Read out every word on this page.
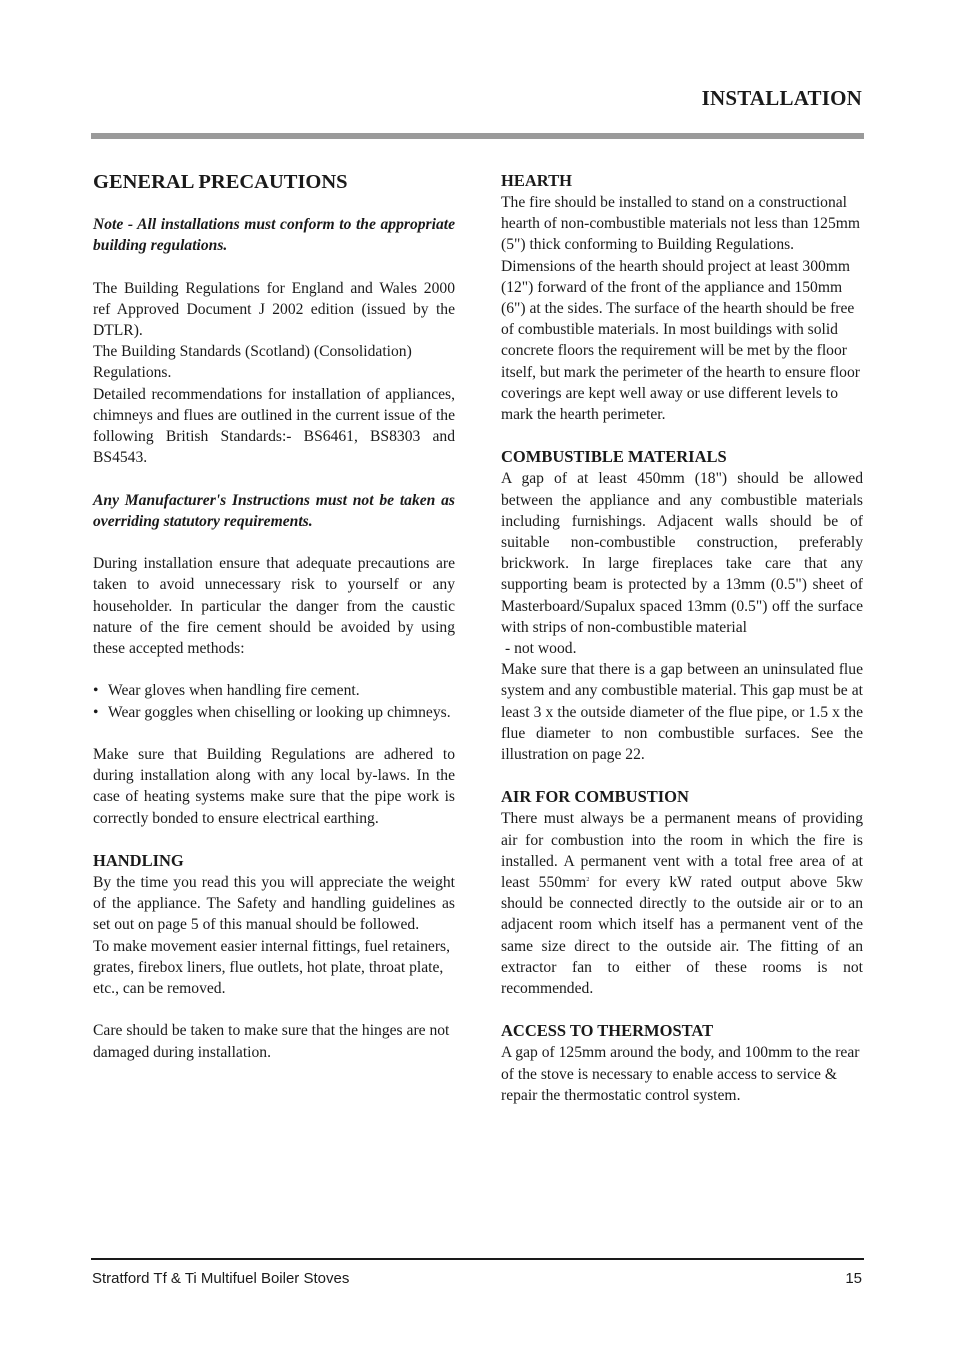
INSTALLATION
GENERAL PRECAUTIONS

Note - All installations must conform to the appropriate building regulations.

The Building Regulations for England and Wales 2000 ref Approved Document J 2002 edition (issued by the DTLR).

The Building Standards (Scotland) (Consolidation) Regulations.

Detailed recommendations for installation of appliances, chimneys and flues are outlined in the current issue of the following British Standards:- BS6461, BS8303 and BS4543.

Any Manufacturer's Instructions must not be taken as overriding statutory requirements.

During installation ensure that adequate precautions are taken to avoid unnecessary risk to yourself or any householder. In particular the danger from the caustic nature of the fire cement should be avoided by using these accepted methods:

• Wear gloves when handling fire cement.
• Wear goggles when chiselling or looking up chimneys.

Make sure that Building Regulations are adhered to during installation along with any local by-laws. In the case of heating systems make sure that the pipe work is correctly bonded to ensure electrical earthing.

HANDLING

By the time you read this you will appreciate the weight of the appliance. The Safety and handling guidelines as set out on page 5 of this manual should be followed.

To make movement easier internal fittings, fuel retainers, grates, firebox liners, flue outlets, hot plate, throat plate, etc., can be removed.

Care should be taken to make sure that the hinges are not damaged during installation.

HEARTH

The fire should be installed to stand on a constructional hearth of non-combustible materials not less than 125mm (5") thick conforming to Building Regulations. Dimensions of the hearth should project at least 300mm (12") forward of the front of the appliance and 150mm (6") at the sides. The surface of the hearth should be free of combustible materials. In most buildings with solid concrete floors the requirement will be met by the floor itself, but mark the perimeter of the hearth to ensure floor coverings are kept well away or use different levels to mark the hearth perimeter.

COMBUSTIBLE MATERIALS

A gap of at least 450mm (18") should be allowed between the appliance and any combustible materials including furnishings. Adjacent walls should be of suitable non-combustible construction, preferably brickwork. In large fireplaces take care that any supporting beam is protected by a 13mm (0.5") sheet of Masterboard/Supalux spaced 13mm (0.5") off the surface with strips of non-combustible material

- not wood.

Make sure that there is a gap between an uninsulated flue system and any combustible material. This gap must be at least 3 x the outside diameter of the flue pipe, or 1.5 x the flue diameter to non combustible surfaces. See the illustration on page 22.

AIR FOR COMBUSTION

There must always be a permanent means of providing air for combustion into the room in which the fire is installed. A permanent vent with a total free area of at least $550mm^2$ for every kW rated output above 5kw should be connected directly to the outside air or to an adjacent room which itself has a permanent vent of the same size direct to the outside air. The fitting of an extractor fan to either of these rooms is not recommended.

ACCESS TO THERMOSTAT

A gap of 125mm around the body, and 100mm to the rear of the stove is necessary to enable access to service & repair the thermostatic control system.

Stratford Tf & Ti Multifuel Boiler Stoves	15
